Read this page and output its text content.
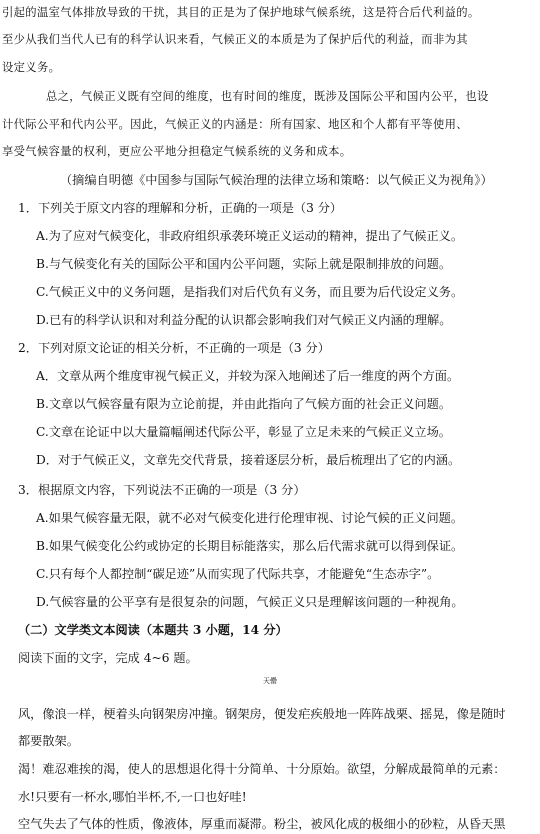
引起的温室气体排放导致的干扰，其目的正是为了保护地球气候系统，这是符合后代利益的。
至少从我们当代人已有的科学认识来看，气候正义的本质是为了保护后代的利益，而非为其
设定义务。
总之，气候正义既有空间的维度，也有时间的维度，既涉及国际公平和国内公平，也设
计代际公平和代内公平。因此，气候正义的内涵是：所有国家、地区和个人都有平等使用、
享受气候容量的权利，更应公平地分担稳定气候系统的义务和成本。
（摘编自明德《中国参与国际气候治理的法律立场和策略：以气候正义为视角》）
1．下列关于原文内容的理解和分析，正确的一项是（3 分）
A.为了应对气候变化，非政府组织承袭环境正义运动的精神，提出了气候正义。
B.与气候变化有关的国际公平和国内公平问题，实际上就是限制排放的问题。
C.气候正义中的义务问题，是指我们对后代负有义务，而且要为后代设定义务。
D.已有的科学认识和对利益分配的认识都会影响我们对气候正义内涵的理解。
2．下列对原文论证的相关分析，不正确的一项是（3 分）
A．文章从两个维度审视气候正义，并较为深入地阐述了后一维度的两个方面。
B.文章以气候容量有限为立论前提，并由此指向了气候方面的社会正义问题。
C.文章在论证中以大量篇幅阐述代际公平，彰显了立足未来的气候正义立场。
D．对于气候正义，文章先交代背景，接着逐层分析，最后梳理出了它的内涵。
3．根据原文内容，下列说法不正确的一项是（3 分）
A.如果气候容量无限，就不必对气候变化进行伦理审视、讨论气候的正义问题。
B.如果气候变化公约或协定的长期目标能落实，那么后代需求就可以得到保证。
C.只有每个人都控制“碳足迹”从而实现了代际共享，才能避免“生态赤字”。
D.气候容量的公平享有是很复杂的问题，气候正义只是理解该问题的一种视角。
（二）文学类文本阅读（本题共 3 小题，14 分）
阅读下面的文字，完成 4~6 题。
天罍
风，像浪一样，梗着头向钢架房冲撞。钢架房，便发疟疾般地一阵阵战栗、摇晃，像是随时
都要散架。
渴！难忍难挨的渴，使人的思想退化得十分简单、十分原始。欲望，分解成最简单的元素：
水!只要有一杯水,哪怕半杯,不,一口也好哇!
空气失去了气体的性质，像液体，厚重而凝滞。粉尘，被风化成的极细小的砂粒，从昏天黑
